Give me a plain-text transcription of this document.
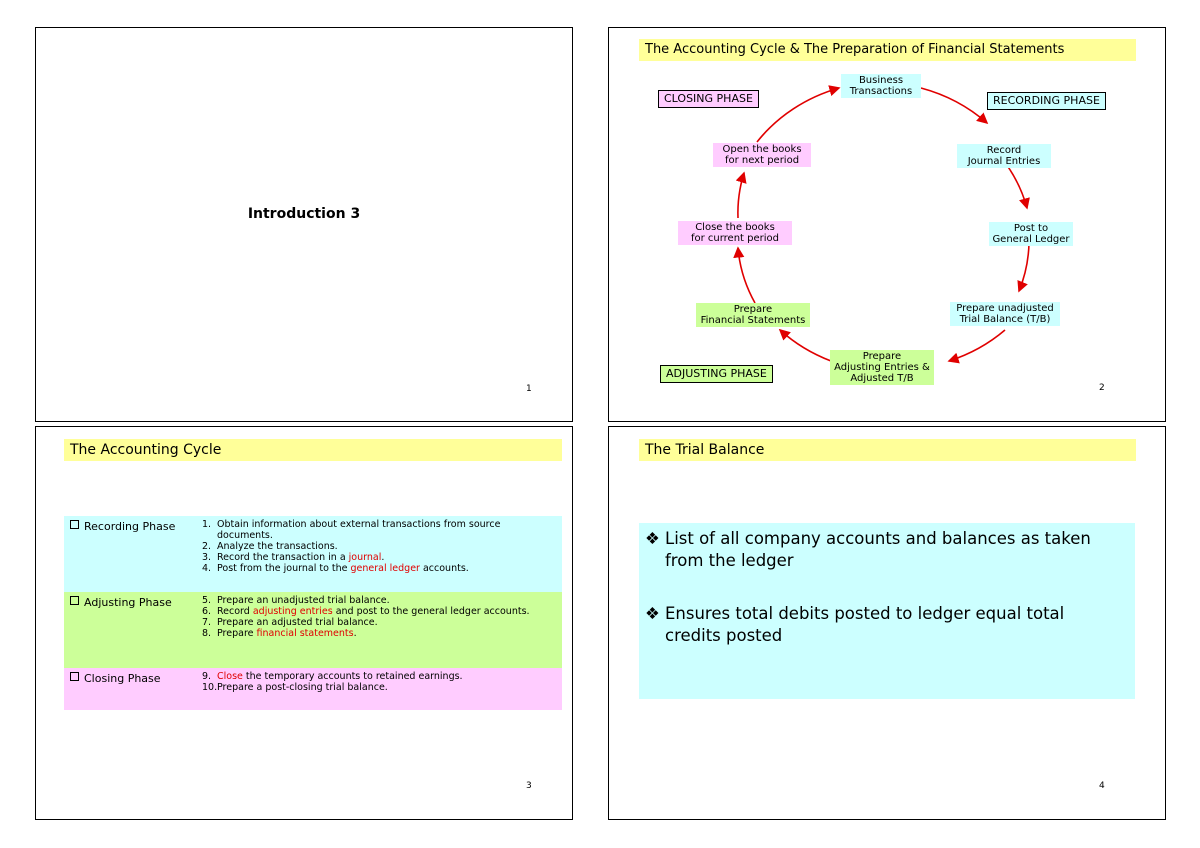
Introduction 3
1
The Accounting Cycle & The Preparation of Financial Statements
Business
Transactions
Record
Journal Entries
Post to
General Ledger
Prepare unadjusted
Trial Balance (T/B)
Prepare
Adjusting Entries &
Adjusted T/B
Prepare
Financial Statements
Close the books
for current period
Open the books
for next period
CLOSING PHASE	RECORDING PHASE
ADJUSTING PHASE
2
The Accounting Cycle
Recording Phase	1. Obtain information about external transactions from source documents.
2. Analyze the transactions.
3. Record the transaction in a journal.
4. Post from the journal to the general ledger accounts.
Adjusting Phase	5. Prepare an unadjusted trial balance.
6. Record adjusting entries and post to the general ledger accounts.
7. Prepare an adjusted trial balance.
8. Prepare financial statements.
Closing Phase	9. Close the temporary accounts to retained earnings.
10. Prepare a post-closing trial balance.
3
The Trial Balance
❖ List of all company accounts and balances as taken from the ledger
❖ Ensures total debits posted to ledger equal total credits posted
4
